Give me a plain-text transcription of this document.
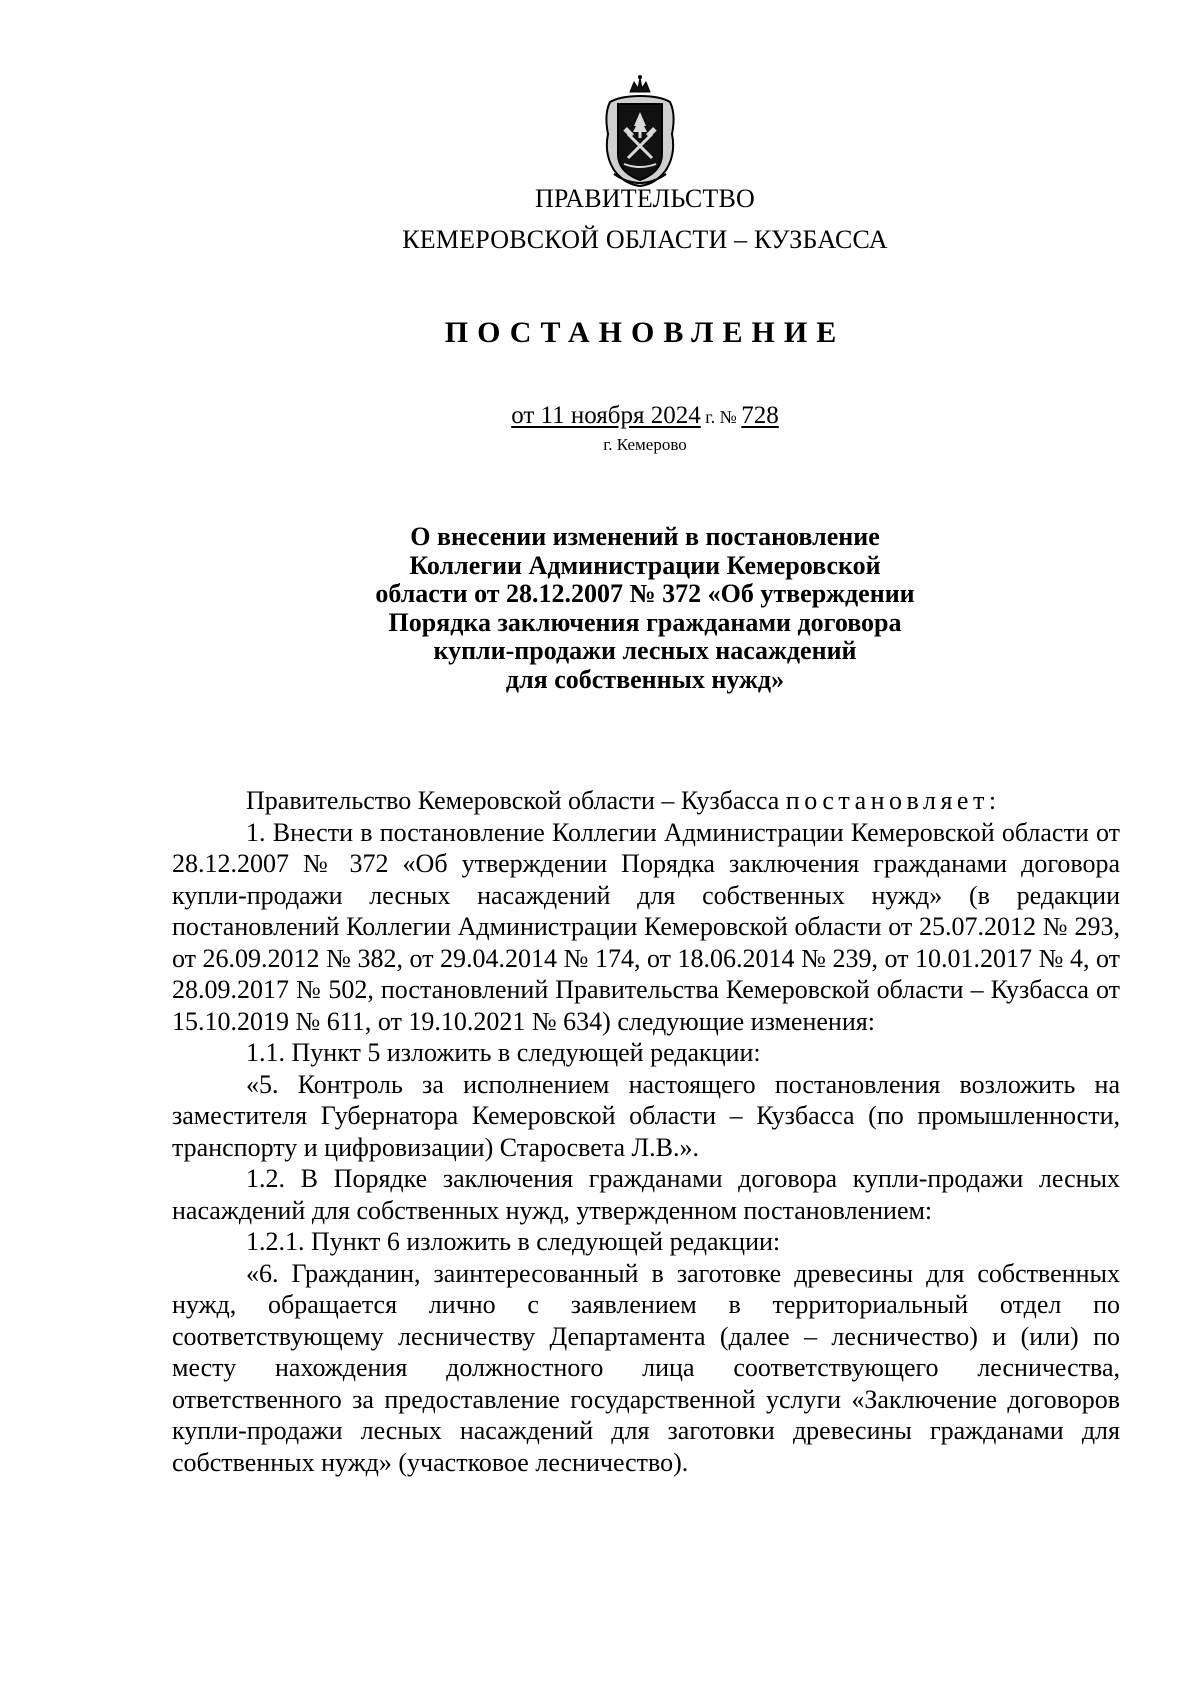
ПРАВИТЕЛЬСТВО
КЕМЕРОВСКОЙ ОБЛАСТИ – КУЗБАССА
ПОСТАНОВЛЕНИЕ
от 11 ноября 2024 г. № 728
г. Кемерово
О внесении изменений в постановление
Коллегии Администрации Кемеровской
области от 28.12.2007 № 372 «Об утверждении
Порядка заключения гражданами договора
купли-продажи лесных насаждений
для собственных нужд»

Правительство Кемеровской области – Кузбасса постановляет:

1. Внести в постановление Коллегии Администрации Кемеровской области от 28.12.2007 № 372 «Об утверждении Порядка заключения гражданами договора купли-продажи лесных насаждений для собственных нужд» (в редакции постановлений Коллегии Администрации Кемеровской области от 25.07.2012 № 293, от 26.09.2012 № 382, от 29.04.2014 № 174, от 18.06.2014 № 239, от 10.01.2017 № 4, от 28.09.2017 № 502, постановлений Правительства Кемеровской области – Кузбасса от 15.10.2019 № 611, от 19.10.2021 № 634) следующие изменения:

1.1. Пункт 5 изложить в следующей редакции:

«5. Контроль за исполнением настоящего постановления возложить на заместителя Губернатора Кемеровской области – Кузбасса (по промышленности, транспорту и цифровизации) Старосвета Л.В.».

1.2. В Порядке заключения гражданами договора купли-продажи лесных насаждений для собственных нужд, утвержденном постановлением:

1.2.1. Пункт 6 изложить в следующей редакции:

«6. Гражданин, заинтересованный в заготовке древесины для собственных нужд, обращается лично с заявлением в территориальный отдел по соответствующему лесничеству Департамента (далее – лесничество) и (или) по месту нахождения должностного лица соответствующего лесничества, ответственного за предоставление государственной услуги «Заключение договоров купли-продажи лесных насаждений для заготовки древесины гражданами для собственных нужд» (участковое лесничество).
